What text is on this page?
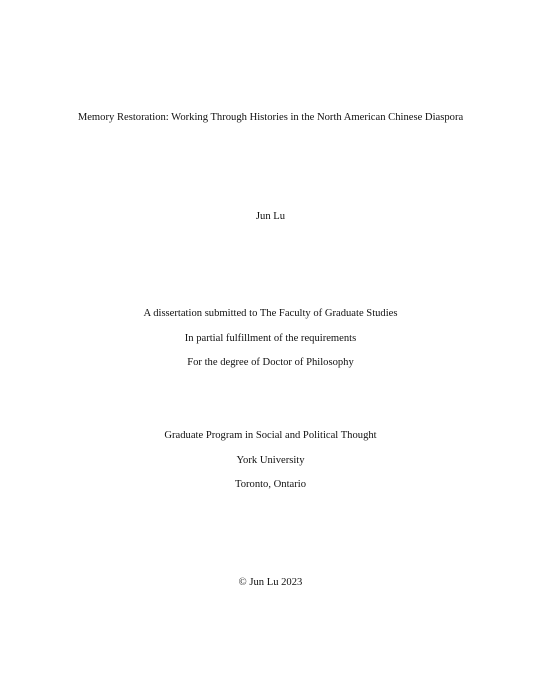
Memory Restoration: Working Through Histories in the North American Chinese Diaspora
Jun Lu
A dissertation submitted to The Faculty of Graduate Studies
In partial fulfillment of the requirements
For the degree of Doctor of Philosophy
Graduate Program in Social and Political Thought
York University
Toronto, Ontario
© Jun Lu 2023
